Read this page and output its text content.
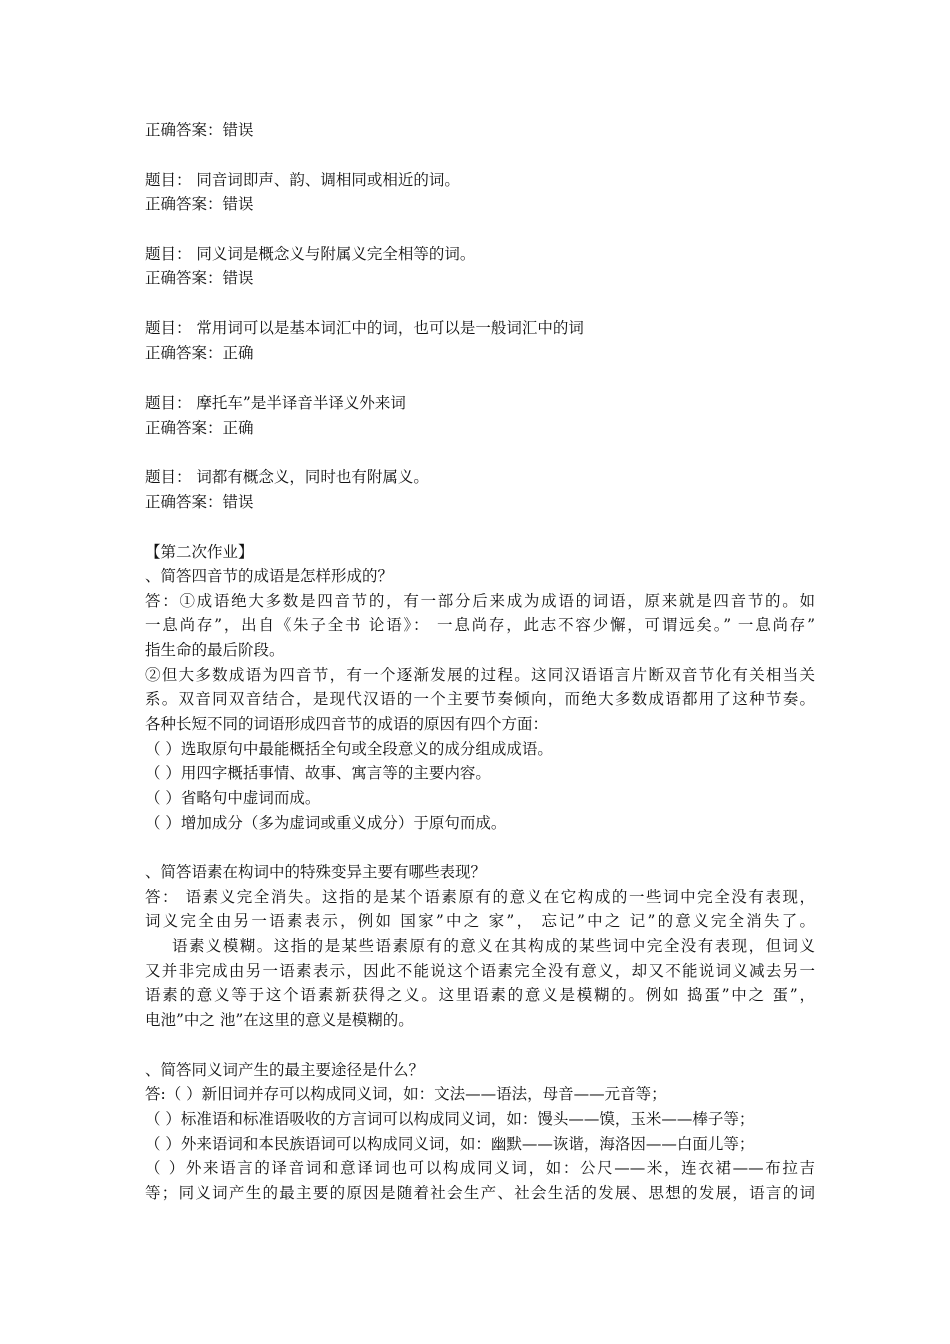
正确答案：错误
题目： 同音词即声、韵、调相同或相近的词。
正确答案：错误
题目： 同义词是概念义与附属义完全相等的词。
正确答案：错误
题目： 常用词可以是基本词汇中的词，也可以是一般词汇中的词
正确答案：正确
题目： 摩托车”是半译音半译义外来词
正确答案：正确
题目： 词都有概念义，同时也有附属义。
正确答案：错误
【第二次作业】
、简答四音节的成语是怎样形成的？
答：①成语绝大多数是四音节的，有一部分后来成为成语的词语，原来就是四音节的。如
一息尚存”，出自《朱子全书 论语》： 一息尚存，此志不容少懈，可谓远矣。” 一息尚存”
指生命的最后阶段。
②但大多数成语为四音节，有一个逐渐发展的过程。这同汉语语言片断双音节化有关相当关
系。双音同双音结合，是现代汉语的一个主要节奏倾向，而绝大多数成语都用了这种节奏。
各种长短不同的词语形成四音节的成语的原因有四个方面：
（ ）选取原句中最能概括全句或全段意义的成分组成成语。
（ ）用四字概括事情、故事、寓言等的主要内容。
（ ）省略句中虚词而成。
（ ）增加成分（多为虚词或重义成分）于原句而成。
、简答语素在构词中的特殊变异主要有哪些表现？
答： 语素义完全消失。这指的是某个语素原有的意义在它构成的一些词中完全没有表现，
词义完全由另一语素表示，例如 国家”中之 家”， 忘记”中之 记”的意义完全消失了。
语素义模糊。这指的是某些语素原有的意义在其构成的某些词中完全没有表现，但词义
又并非完成由另一语素表示，因此不能说这个语素完全没有意义，却又不能说词义减去另一
语素的意义等于这个语素新获得之义。这里语素的意义是模糊的。例如 捣蛋”中之 蛋”，
电池”中之 池”在这里的意义是模糊的。
、简答同义词产生的最主要途径是什么？
答:（ ）新旧词并存可以构成同义词，如：文法——语法，母音——元音等；
（ ）标准语和标准语吸收的方言词可以构成同义词，如：馒头——馍，玉米——棒子等；
（ ）外来语词和本民族语词可以构成同义词，如：幽默——诙谐，海洛因——白面儿等；
（ ）外来语言的译音词和意译词也可以构成同义词，如：公尺——米，连衣裙——布拉吉
等；同义词产生的最主要的原因是随着社会生产、社会生活的发展、思想的发展，语言的词
